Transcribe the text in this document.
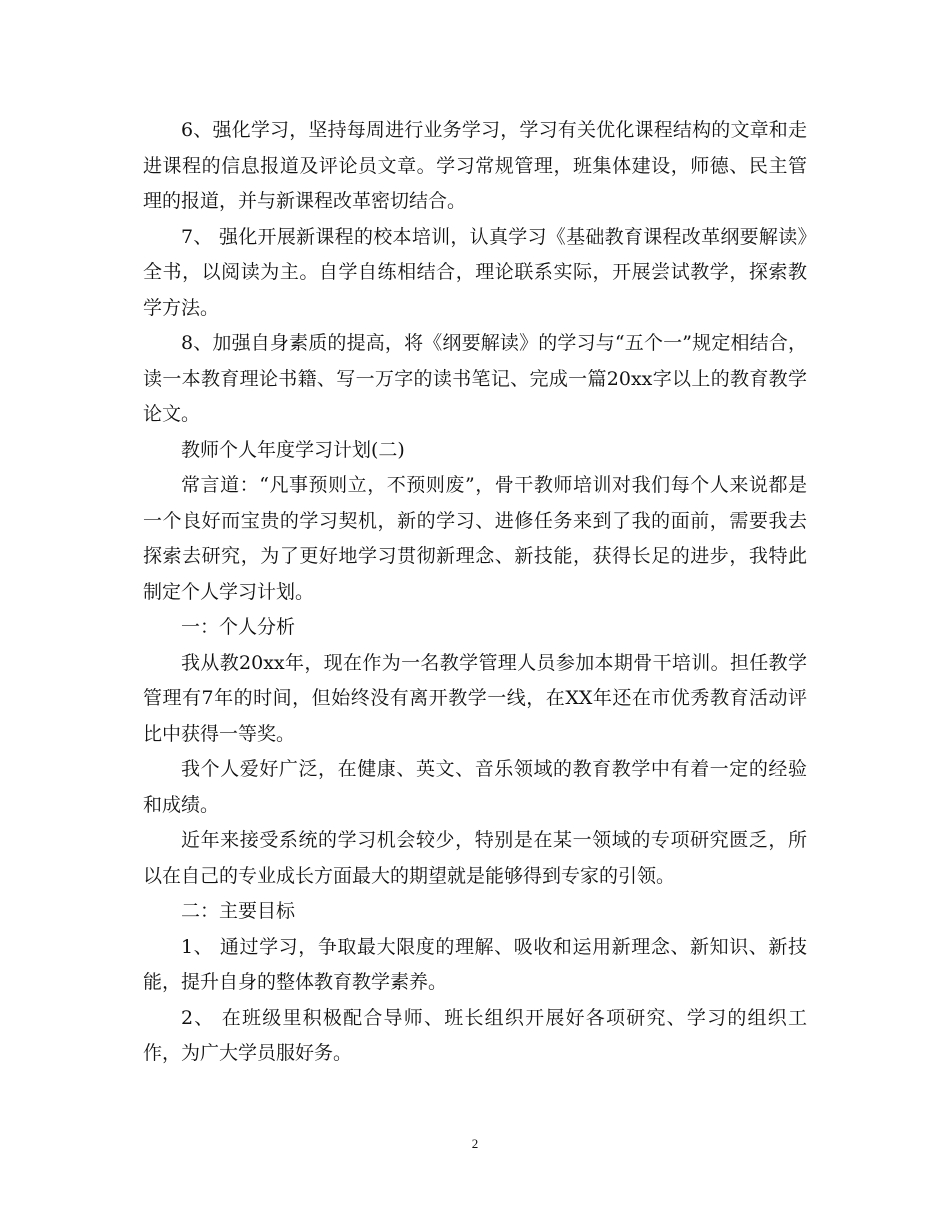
6、强化学习，坚持每周进行业务学习，学习有关优化课程结构的文章和走进课程的信息报道及评论员文章。学习常规管理，班集体建设，师德、民主管理的报道，并与新课程改革密切结合。

7、 强化开展新课程的校本培训，认真学习《基础教育课程改革纲要解读》全书，以阅读为主。自学自练相结合，理论联系实际，开展尝试教学，探索教学方法。

8、加强自身素质的提高，将《纲要解读》的学习与“五个一”规定相结合，读一本教育理论书籍、写一万字的读书笔记、完成一篇20xx字以上的教育教学论文。

教师个人年度学习计划(二)

常言道：“凡事预则立，不预则废”，骨干教师培训对我们每个人来说都是一个良好而宝贵的学习契机，新的学习、进修任务来到了我的面前，需要我去探索去研究，为了更好地学习贯彻新理念、新技能，获得长足的进步，我特此制定个人学习计划。

一：个人分析

我从教20xx年，现在作为一名教学管理人员参加本期骨干培训。担任教学管理有7年的时间，但始终没有离开教学一线，在XX年还在市优秀教育活动评比中获得一等奖。

我个人爱好广泛，在健康、英文、音乐领域的教育教学中有着一定的经验和成绩。

近年来接受系统的学习机会较少，特别是在某一领域的专项研究匮乏，所以在自己的专业成长方面最大的期望就是能够得到专家的引领。

二：主要目标

1、 通过学习，争取最大限度的理解、吸收和运用新理念、新知识、新技能，提升自身的整体教育教学素养。

2、 在班级里积极配合导师、班长组织开展好各项研究、学习的组织工作，为广大学员服好务。

2
